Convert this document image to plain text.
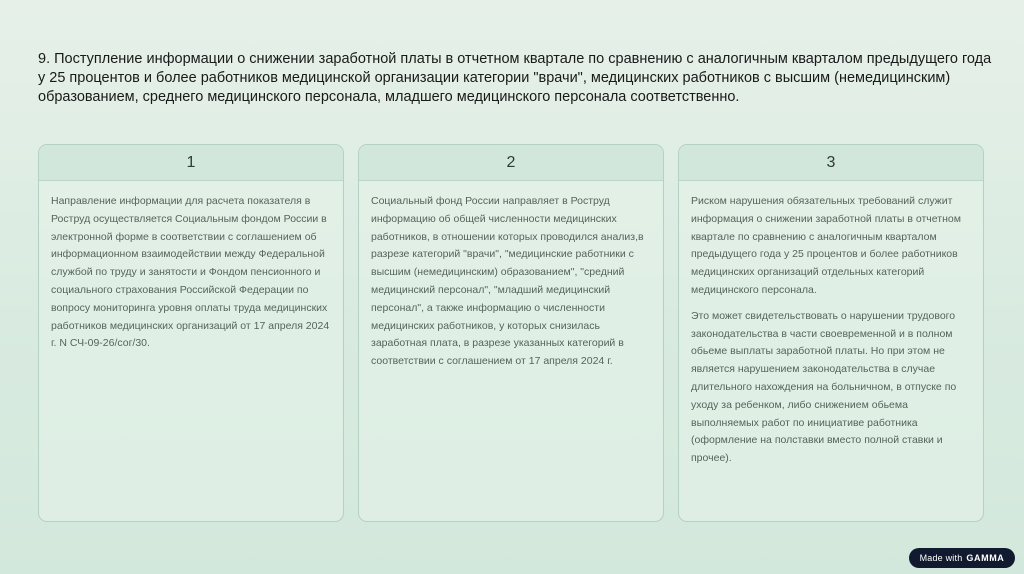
9. Поступление информации о снижении заработной платы в отчетном квартале по сравнению с аналогичным кварталом предыдущего года у 25 процентов и более работников медицинской организации категории "врачи", медицинских работников с высшим (немедицинским) образованием, среднего медицинского персонала, младшего медицинского персонала соответственно.
1

Направление информации для расчета показателя в Роструд осуществляется Социальным фондом России в электронной форме в соответствии с соглашением об информационном взаимодействии между Федеральной службой по труду и занятости и Фондом пенсионного и социального страхования Российской Федерации по вопросу мониторинга уровня оплаты труда медицинских работников медицинских организаций от 17 апреля 2024 г. N СЧ-09-26/сог/30.

2

Социальный фонд России направляет в Роструд информацию об общей численности медицинских работников, в отношении которых проводился анализ,в разрезе категорий "врачи", "медицинские работники с высшим (немедицинским) образованием", "средний медицинский персонал", "младший медицинский персонал", а также информацию о численности медицинских работников, у которых снизилась заработная плата, в разрезе указанных категорий в соответствии с соглашением от 17 апреля 2024 г.

3

Риском нарушения обязательных требований служит информация о снижении заработной платы в отчетном квартале по сравнению с аналогичным кварталом предыдущего года у 25 процентов и более работников медицинских организаций отдельных категорий медицинского персонала.

Это может свидетельствовать о нарушении трудового законодательства в части своевременной и в полном обьеме выплаты заработной платы. Но при этом не является нарушением законодательства в случае длительного нахождения на больничном, в отпуске по уходу за ребенком, либо снижением обьема выполняемых работ по инициативе работника (оформление на полставки вместо полной ставки и прочее).

Made with GAMMA
